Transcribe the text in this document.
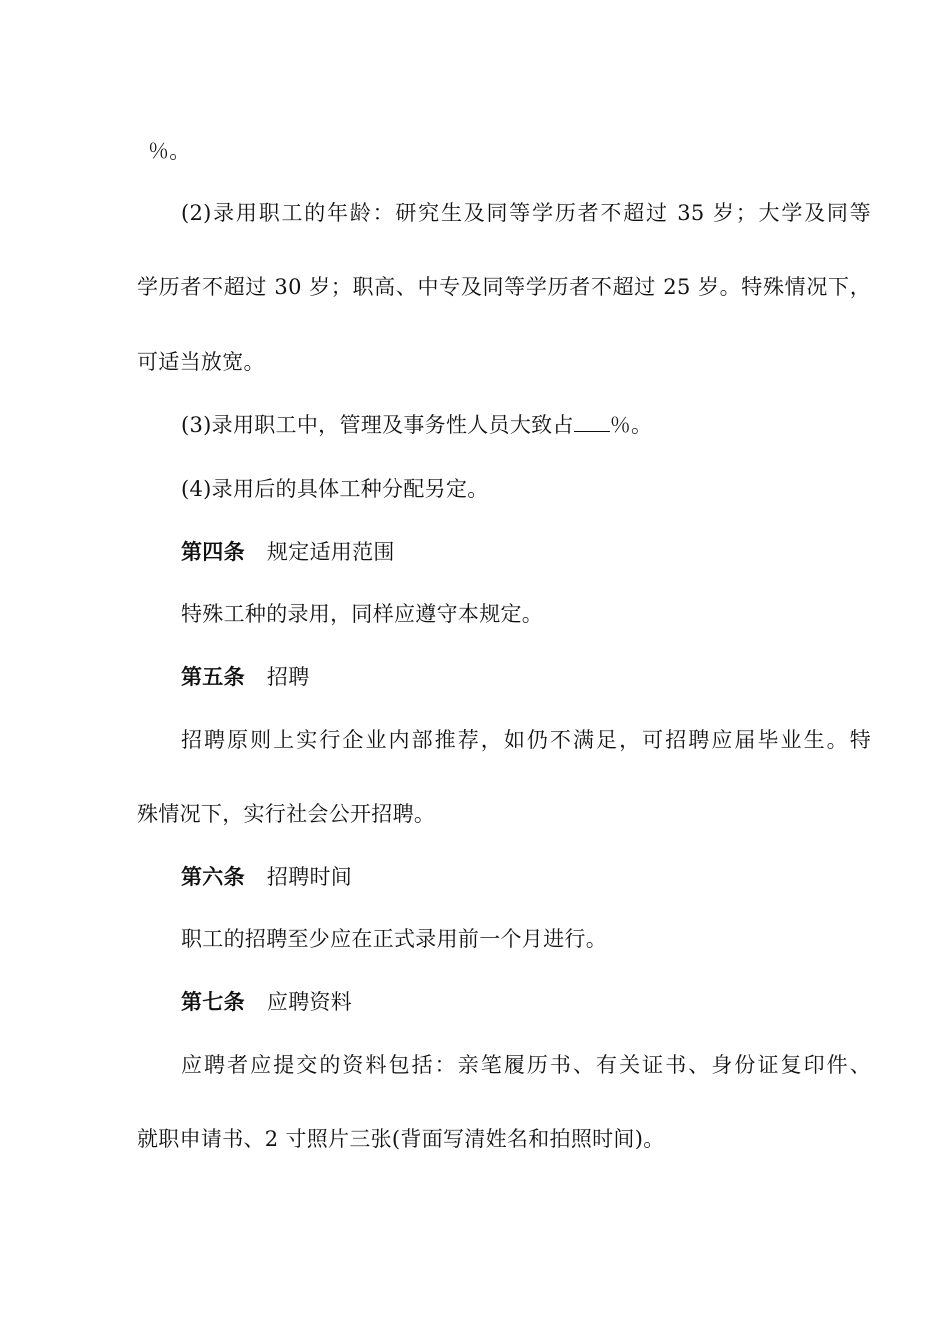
％。
(2)录用职工的年龄：研究生及同等学历者不超过 35 岁；大学及同等
学历者不超过 30 岁；职高、中专及同等学历者不超过 25 岁。特殊情况下，
可适当放宽。
(3)录用职工中，管理及事务性人员大致占 ％。
(4)录用后的具体工种分配另定。
第四条 规定适用范围
特殊工种的录用，同样应遵守本规定。
第五条 招聘
招聘原则上实行企业内部推荐，如仍不满足，可招聘应届毕业生。特
殊情况下，实行社会公开招聘。
第六条 招聘时间
职工的招聘至少应在正式录用前一个月进行。
第七条 应聘资料
应聘者应提交的资料包括：亲笔履历书、有关证书、身份证复印件、
就职申请书、2 寸照片三张(背面写清姓名和拍照时间)。
